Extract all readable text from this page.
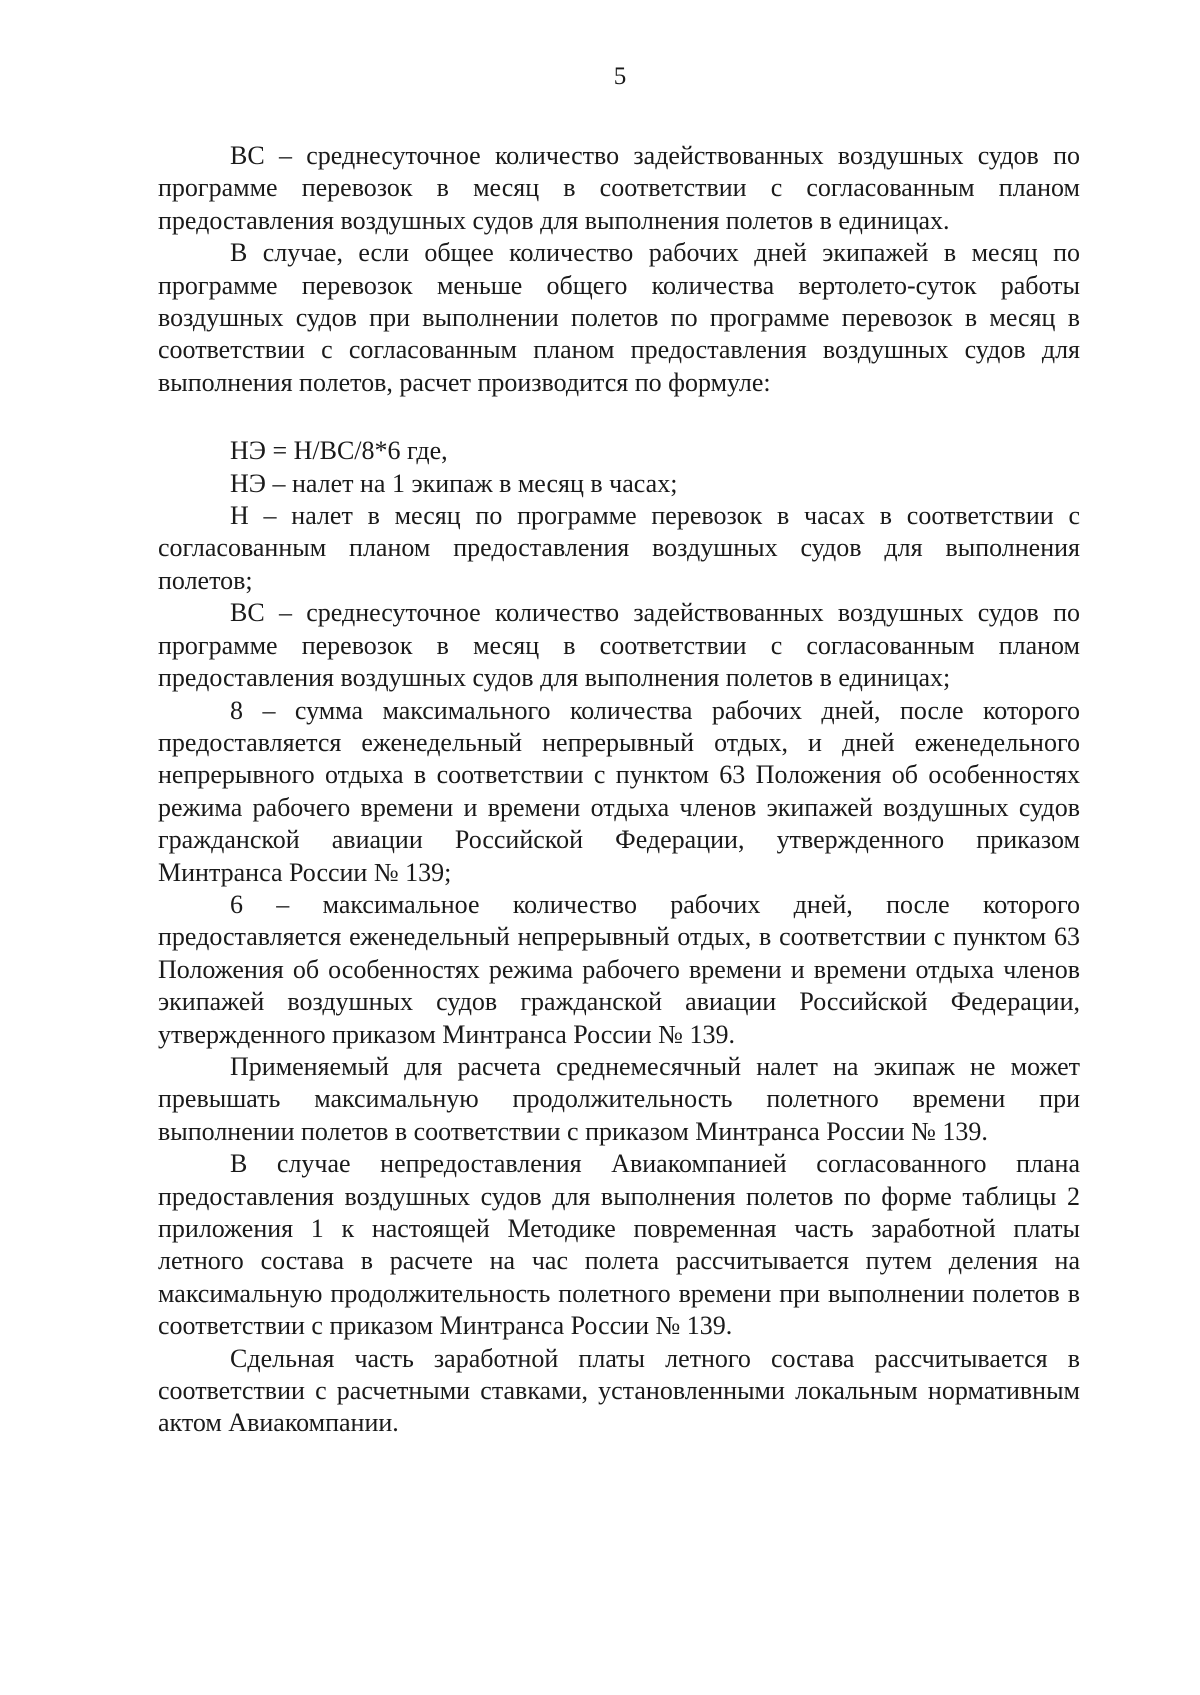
5

ВС – среднесуточное количество задействованных воздушных судов по программе перевозок в месяц в соответствии с согласованным планом предоставления воздушных судов для выполнения полетов в единицах.

В случае, если общее количество рабочих дней экипажей в месяц по программе перевозок меньше общего количества вертолето-суток работы воздушных судов при выполнении полетов по программе перевозок в месяц в соответствии с согласованным планом предоставления воздушных судов для выполнения полетов, расчет производится по формуле:

НЭ = Н/ВС/8*6 где,

НЭ – налет на 1 экипаж в месяц в часах;

Н – налет в месяц по программе перевозок в часах в соответствии с согласованным планом предоставления воздушных судов для выполнения полетов;

ВС – среднесуточное количество задействованных воздушных судов по программе перевозок в месяц в соответствии с согласованным планом предоставления воздушных судов для выполнения полетов в единицах;

8 – сумма максимального количества рабочих дней, после которого предоставляется еженедельный непрерывный отдых, и дней еженедельного непрерывного отдыха в соответствии с пунктом 63 Положения об особенностях режима рабочего времени и времени отдыха членов экипажей воздушных судов гражданской авиации Российской Федерации, утвержденного приказом Минтранса России № 139;

6 – максимальное количество рабочих дней, после которого предоставляется еженедельный непрерывный отдых, в соответствии с пунктом 63 Положения об особенностях режима рабочего времени и времени отдыха членов экипажей воздушных судов гражданской авиации Российской Федерации, утвержденного приказом Минтранса России № 139.

Применяемый для расчета среднемесячный налет на экипаж не может превышать максимальную продолжительность полетного времени при выполнении полетов в соответствии с приказом Минтранса России № 139.

В случае непредоставления Авиакомпанией согласованного плана предоставления воздушных судов для выполнения полетов по форме таблицы 2 приложения 1 к настоящей Методике повременная часть заработной платы летного состава в расчете на час полета рассчитывается путем деления на максимальную продолжительность полетного времени при выполнении полетов в соответствии с приказом Минтранса России № 139.

Сдельная часть заработной платы летного состава рассчитывается в соответствии с расчетными ставками, установленными локальным нормативным актом Авиакомпании.
